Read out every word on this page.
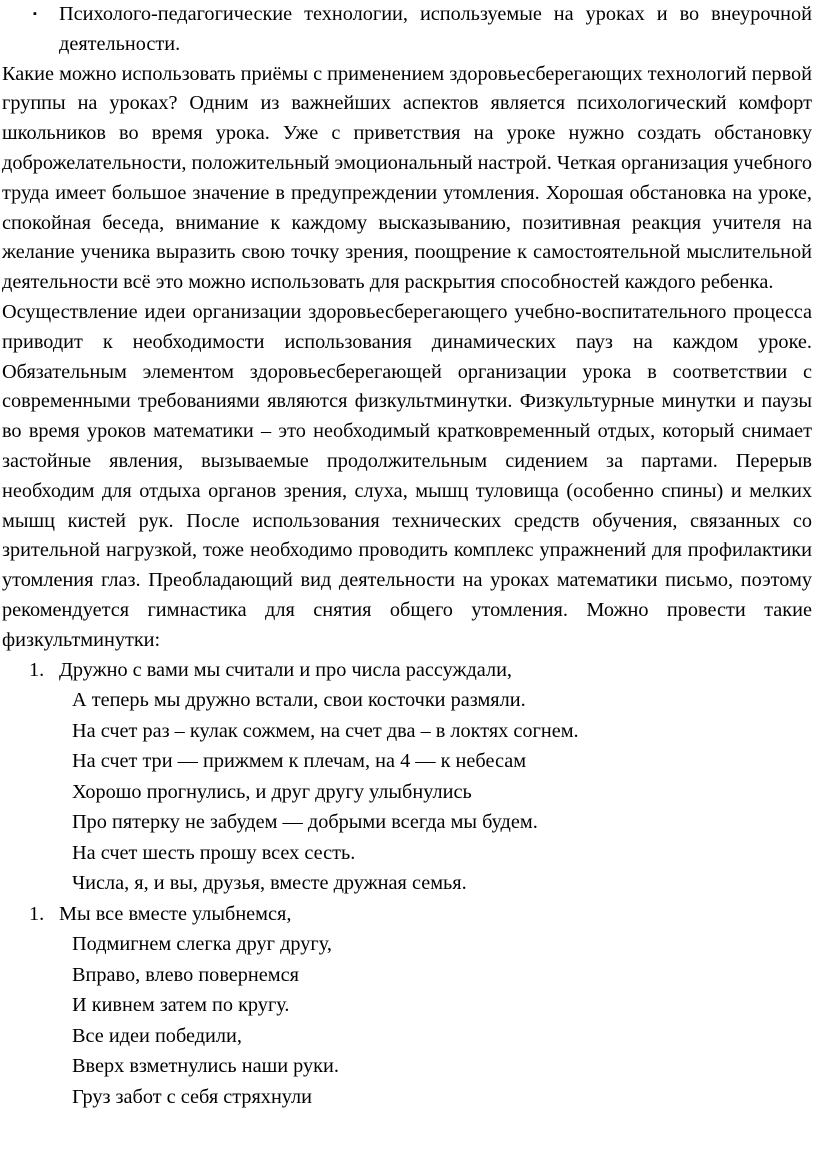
▪ Психолого-педагогические технологии, используемые на уроках и во внеурочной деятельности.

Какие можно использовать приёмы с применением здоровьесберегающих технологий первой группы на уроках? Одним из важнейших аспектов является психологический комфорт школьников во время урока. Уже с приветствия на уроке нужно создать обстановку доброжелательности, положительный эмоциональный настрой. Четкая организация учебного труда имеет большое значение в предупреждении утомления. Хорошая обстановка на уроке, спокойная беседа, внимание к каждому высказыванию, позитивная реакция учителя на желание ученика выразить свою точку зрения, поощрение к самостоятельной мыслительной деятельности всё это можно использовать для раскрытия способностей каждого ребенка.

Осуществление идеи организации здоровьесберегающего учебно-воспитательного процесса приводит к необходимости использования динамических пауз на каждом уроке. Обязательным элементом здоровьесберегающей организации урока в соответствии с современными требованиями являются физкультминутки. Физкультурные минутки и паузы во время уроков математики – это необходимый кратковременный отдых, который снимает застойные явления, вызываемые продолжительным сидением за партами. Перерыв необходим для отдыха органов зрения, слуха, мышц туловища (особенно спины) и мелких мышц кистей рук. После использования технических средств обучения, связанных со зрительной нагрузкой, тоже необходимо проводить комплекс упражнений для профилактики утомления глаз. Преобладающий вид деятельности на уроках математики письмо, поэтому рекомендуется гимнастика для снятия общего утомления. Можно провести такие физкультминутки:

1. Дружно с вами мы считали и про числа рассуждали,
А теперь мы дружно встали, свои косточки размяли.
На счет раз – кулак сожмем, на счет два – в локтях согнем.
На счет три — прижмем к плечам, на 4 — к небесам
Хорошо прогнулись, и друг другу улыбнулись
Про пятерку не забудем — добрыми всегда мы будем.
На счет шесть прошу всех сесть.
Числа, я, и вы, друзья, вместе дружная семья.
1. Мы все вместе улыбнемся,
Подмигнем слегка друг другу,
Вправо, влево повернемся
И кивнем затем по кругу.
Все идеи победили,
Вверх взметнулись наши руки.
Груз забот с себя стряхнули
